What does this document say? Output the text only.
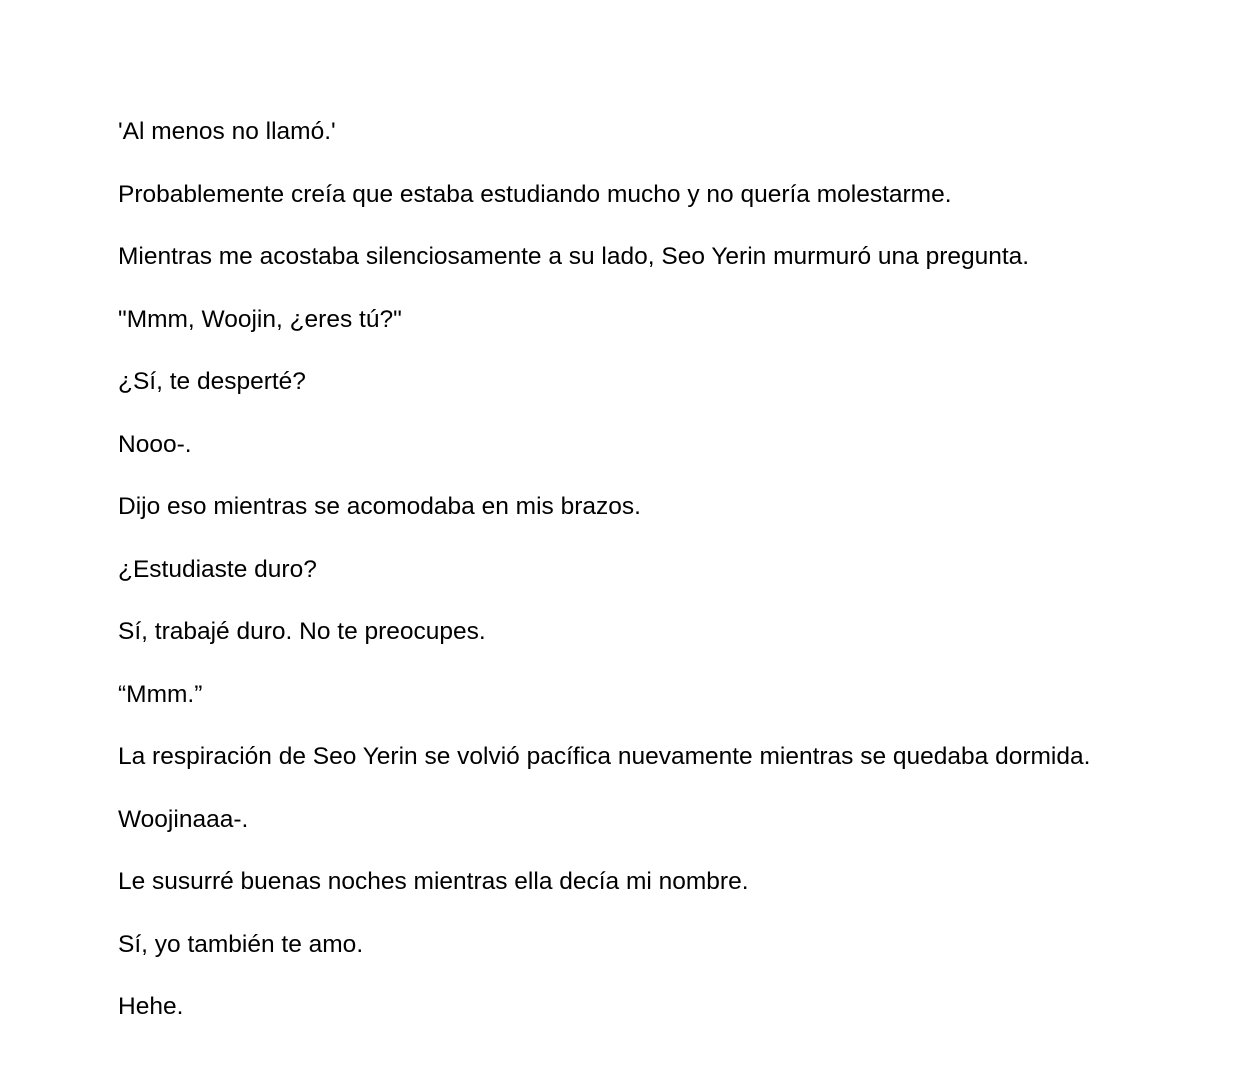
'Al menos no llamó.'

Probablemente creía que estaba estudiando mucho y no quería molestarme.

Mientras me acostaba silenciosamente a su lado, Seo Yerin murmuró una pregunta.

"Mmm, Woojin, ¿eres tú?"

¿Sí, te desperté?

Nooo-.

Dijo eso mientras se acomodaba en mis brazos.

¿Estudiaste duro?

Sí, trabajé duro. No te preocupes.

“Mmm.”

La respiración de Seo Yerin se volvió pacífica nuevamente mientras se quedaba dormida.

Woojinaaa-.

Le susurré buenas noches mientras ella decía mi nombre.

Sí, yo también te amo.

Hehe.
